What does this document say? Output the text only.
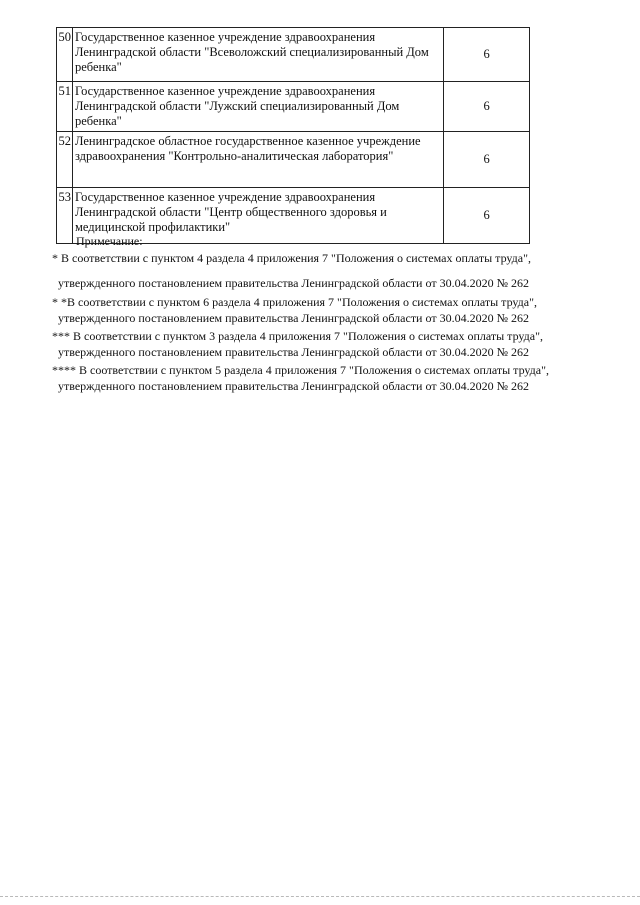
50	Государственное казенное учреждение здравоохранения Ленинградской области "Всеволожский специализированный Дом ребенка"	6
51	Государственное казенное учреждение здравоохранения Ленинградской области "Лужский специализированный Дом ребенка"	6
52	Ленинградское областное государственное казенное учреждение здравоохранения "Контрольно-аналитическая лаборатория"	6
53	Государственное казенное учреждение здравоохранения Ленинградской области "Центр общественного здоровья и медицинской профилактики"	6
Примечание:
* В соответствии с пунктом 4 раздела 4 приложения 7 "Положения о системах оплаты труда",
утвержденного постановлением правительства Ленинградской области от 30.04.2020 № 262
* *В соответствии с пунктом 6 раздела 4 приложения 7 "Положения о системах оплаты труда",
утвержденного постановлением правительства Ленинградской области от 30.04.2020 № 262
*** В соответствии с пунктом 3 раздела 4 приложения 7 "Положения о системах оплаты труда",
утвержденного постановлением правительства Ленинградской области от 30.04.2020 № 262
**** В соответствии с пунктом 5 раздела 4 приложения 7 "Положения о системах оплаты труда",
утвержденного постановлением правительства Ленинградской области от 30.04.2020 № 262
